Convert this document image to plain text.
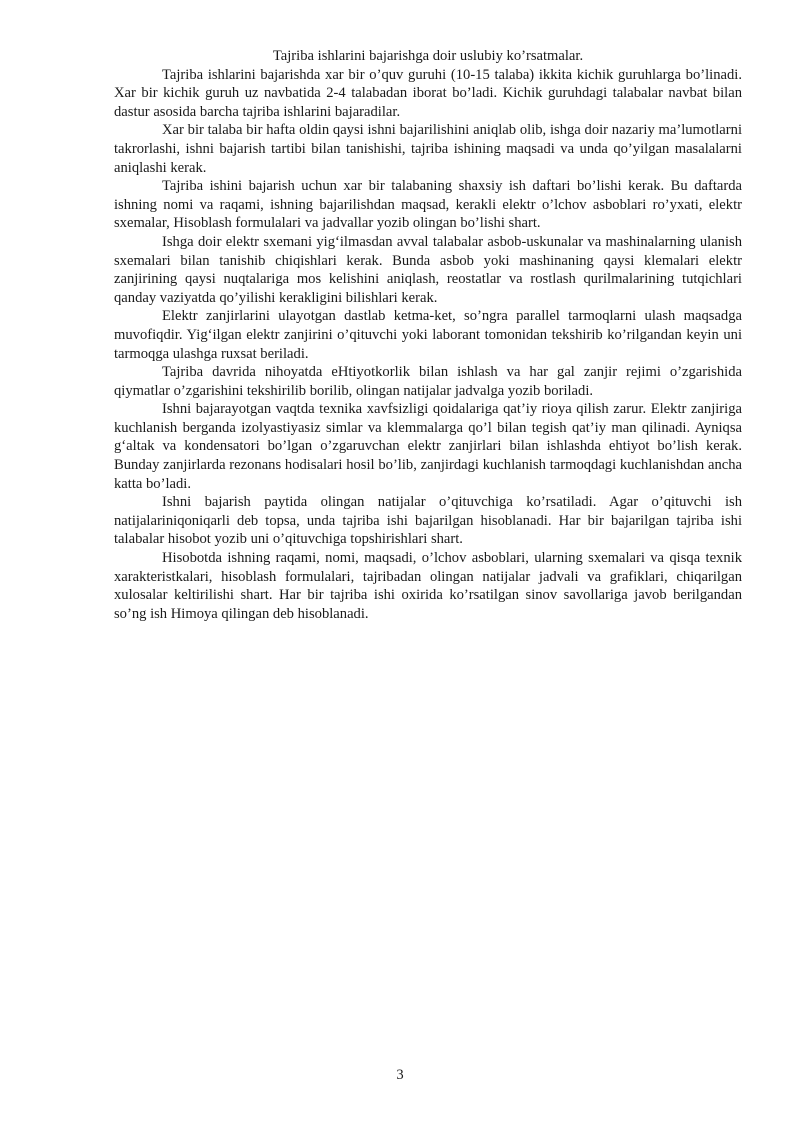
Tajriba ishlarini bajarishga doir uslubiy ko’rsatmalar.

Tajriba ishlarini bajarishda xar bir o’quv guruhi (10-15 talaba) ikkita kichik guruhlarga bo’linadi. Xar bir kichik guruh uz navbatida 2-4 talabadan iborat bo’ladi. Kichik guruhdagi talabalar navbat bilan dastur asosida barcha tajriba ishlarini bajaradilar.

Xar bir talaba bir hafta oldin qaysi ishni bajarilishini aniqlab olib, ishga doir nazariy ma’lumotlarni takrorlashi, ishni bajarish tartibi bilan tanishishi, tajriba ishining maqsadi va unda qo’yilgan masalalarni aniqlashi kerak.

Tajriba ishini bajarish uchun xar bir talabaning shaxsiy ish daftari bo’lishi kerak. Bu daftarda ishning nomi va raqami, ishning bajarilishdan maqsad, kerakli elektr o’lchov asboblari ro’yxati, elektr sxemalar, Hisoblash formulalari va jadvallar yozib olingan bo’lishi shart.

Ishga doir elektr sxemani yig‘ilmasdan avval talabalar asbob-uskunalar va mashinalarning ulanish sxemalari bilan tanishib chiqishlari kerak. Bunda asbob yoki mashinaning qaysi klemalari elektr zanjirining qaysi nuqtalariga mos kelishini aniqlash, reostatlar va rostlash qurilmalarining tutqichlari qanday vaziyatda qo’yilishi kerakligini bilishlari kerak.

Elektr zanjirlarini ulayotgan dastlab ketma-ket, so’ngra parallel tarmoqlarni ulash maqsadga muvofiqdir. Yig‘ilgan elektr zanjirini o’qituvchi yoki laborant tomonidan tekshirib ko’rilgandan keyin uni tarmoqga ulashga ruxsat beriladi.

Tajriba davrida nihoyatda eHtiyotkorlik bilan ishlash va har gal zanjir rejimi o’zgarishida qiymatlar o’zgarishini tekshirilib borilib, olingan natijalar jadvalga yozib boriladi.

Ishni bajarayotgan vaqtda texnika xavfsizligi qoidalariga qat’iy rioya qilish zarur. Elektr zanjiriga kuchlanish berganda izolyastiyasiz simlar va klemmalarga qo’l bilan tegish qat’iy man qilinadi. Ayniqsa g‘altak va kondensatori bo’lgan o’zgaruvchan elektr zanjirlari bilan ishlashda ehtiyot bo’lish kerak. Bunday zanjirlarda rezonans hodisalari hosil bo’lib, zanjirdagi kuchlanish tarmoqdagi kuchlanishdan ancha katta bo’ladi.

Ishni bajarish paytida olingan natijalar o’qituvchiga ko’rsatiladi. Agar o’qituvchi ish natijalariniqoniqarli deb topsa, unda tajriba ishi bajarilgan hisoblanadi. Har bir bajarilgan tajriba ishi talabalar hisobot yozib uni o’qituvchiga topshirishlari shart.

Hisobotda ishning raqami, nomi, maqsadi, o’lchov asboblari, ularning sxemalari va qisqa texnik xarakteristkalari, hisoblash formulalari, tajribadan olingan natijalar jadvali va grafiklari, chiqarilgan xulosalar keltirilishi shart. Har bir tajriba ishi oxirida ko’rsatilgan sinov savollariga javob berilgandan so’ng ish Himoya qilingan deb hisoblanadi.

3
